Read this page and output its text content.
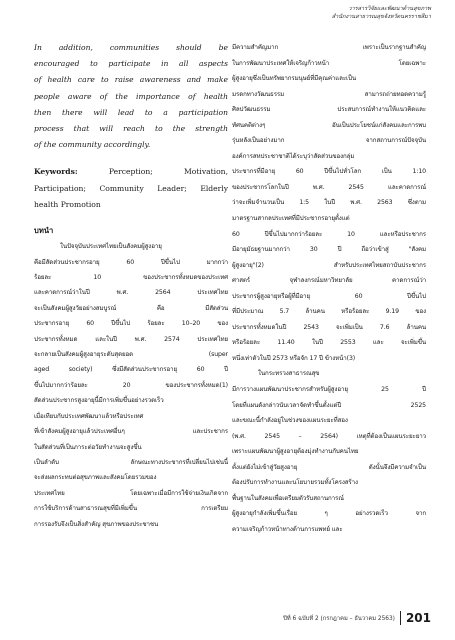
วารสารวิจัยและพัฒนาด้านสุขภาพ
สำนักงานสาธารณสุขจังหวัดนครราชสีมา
In addition, communities should be
encouraged to participate in all aspects
of health care to raise awareness and make
people aware of the importance of health
then there will lead to a participation
process that will reach to the strength
of the community accordingly.
Keywords: Perception; Motivation,
Participation; Community Leader; Elderly
health Promotion
บทนำ
ในปัจจุบันประเทศไทยเป็นสังคมผู้สูงอายุ
คือมีสัดส่วนประชากรอายุ 60 ปีขึ้นไป มากกว่า
ร้อยละ 10 ของประชากรทั้งหมดของประเทศ
และคาดการณ์ว่าในปี พ.ศ. 2564 ประเทศไทย
จะเป็นสังคมผู้สูงวัยอย่างสมบูรณ์ คือ มีสัดส่วน
ประชากรอายุ 60 ปีขึ้นไป ร้อยละ 10–20 ของ
ประชากรทั้งหมด และในปี พ.ศ. 2574 ประเทศไทย
จะกลายเป็นสังคมผู้สูงอายุระดับสุดยอด (super
aged society) ซึ่งมีสัดส่วนประชากรอายุ 60 ปี
ขึ้นไปมากกว่าร้อยละ 20 ของประชากรทั้งหมด(1)
สัดส่วนประชากรสูงอายุนี้มีการเพิ่มขึ้นอย่างรวดเร็ว
เมื่อเทียบกับประเทศพัฒนาแล้วหรือประเทศ
ที่เข้าสังคมผู้สูงอายุแล้วประเทศอื่นๆ และประชากร
ในสัดส่วนที่เป็นภาระต่อวัยทำงานจะสูงขึ้น
เป็นลำดับ ลักษณะทางประชากรที่เปลี่ยนไปเช่นนี้
จะส่งผลกระทบต่อสุขภาพและสังคมโดยรวมของ
ประเทศไทย โดยเฉพาะเมื่อมีการใช้จ่ายเงินเกิดจาก
การใช้บริการด้านสาธารณสุขที่มีเพิ่มขึ้น การเตรียม
การรองรับจึงเป็นสิ่งสำคัญ สุขภาพของประชาชน
มีความสำคัญมาก เพราะเป็นรากฐานสำคัญ
ในการพัฒนาประเทศให้เจริญก้าวหน้า โดยเฉพาะ
ผู้สูงอายุซึ่งเป็นทรัพยากรมนุษย์ที่มีคุณค่าและเป็น
มรดกทางวัฒนธรรม สามารถถ่ายทอดความรู้
ศิลปวัฒนธรรม ประสบการณ์ทำงานให้แนวคิดและ
ทัศนคติต่างๆ อันเป็นประโยชน์แก่สังคมและการพบ
รุ่นหลังเป็นอย่างมาก จากสถานการณ์ปัจจุบัน
องค์การสหประชาชาติได้ระบุว่าสัดส่วนของกลุ่ม
ประชากรที่มีอายุ 60 ปีขึ้นไปทั่วโลก เป็น 1:10
ของประชากรโลกในปี พ.ศ. 2545 และคาดการณ์
ว่าจะเพิ่มจำนวนเป็น 1:5 ในปี พ.ศ. 2563 ซึ่งตาม
มาตรฐานสากลประเทศที่มีประชากรอายุตั้งแต่
60 ปีขึ้นไปมากกว่าร้อยละ 10 และหรือประชากร
มีอายุมัธยฐานมากกว่า 30 ปี ถือว่าเข้าสู่ "สังคม
ผู้สูงอายุ"(2) สำหรับประเทศไทยสถาบันประชากร
ศาสตร์ จุฬาลงกรณ์มหาวิทยาลัย คาดการณ์ว่า
ประชากรผู้สูงอายุหรือผู้ที่มีอายุ 60 ปีขึ้นไป
ที่มีประมาณ 5.7 ล้านคน หรือร้อยละ 9.19 ของ
ประชากรทั้งหมดในปี 2543 จะเพิ่มเป็น 7.6 ล้านคน
หรือร้อยละ 11.40 ในปี 2553 และ จะเพิ่มขึ้น
หนึ่งเท่าตัวในปี 2573 หรือจัก 17 ปี ข้างหน้า(3)
ในกระทรวงสาธารณสุข
มีการวางแผนพัฒนาประชากรสำหรับผู้สูงอายุ 25 ปี
โดยที่แผนดังกล่าวนับเวลาจัดทำขึ้นตั้งแต่ปี 2525
และขณะนี้กำลังอยู่ในช่วงของแผนระยะที่สอง
(พ.ศ. 2545 – 2564) เหตุที่ต้องเป็นแผนระยะยาว
เพราะแผนพัฒนาผู้สูงอายุต้องมุ่งทำงานกับคนไทย
ตั้งแต่ยังไม่เข้าสู่วัยสูงอายุ ดังนั้นจึงมีความจำเป็น
ต้องปรับการทำงานและนโยบายรวมทั้งโครงสร้าง
พื้นฐานในสังคมเพื่อเตรียมตัวรับสถานการณ์
ผู้สูงอายุกำลังเพิ่มขึ้นเรื่อย ๆ อย่างรวดเร็ว จาก
ความเจริญก้าวหน้าทางด้านการแพทย์ และ
ปีที่ 6 ฉบับที่ 2 (กรกฎาคม – ธันวาคม 2563) 201
